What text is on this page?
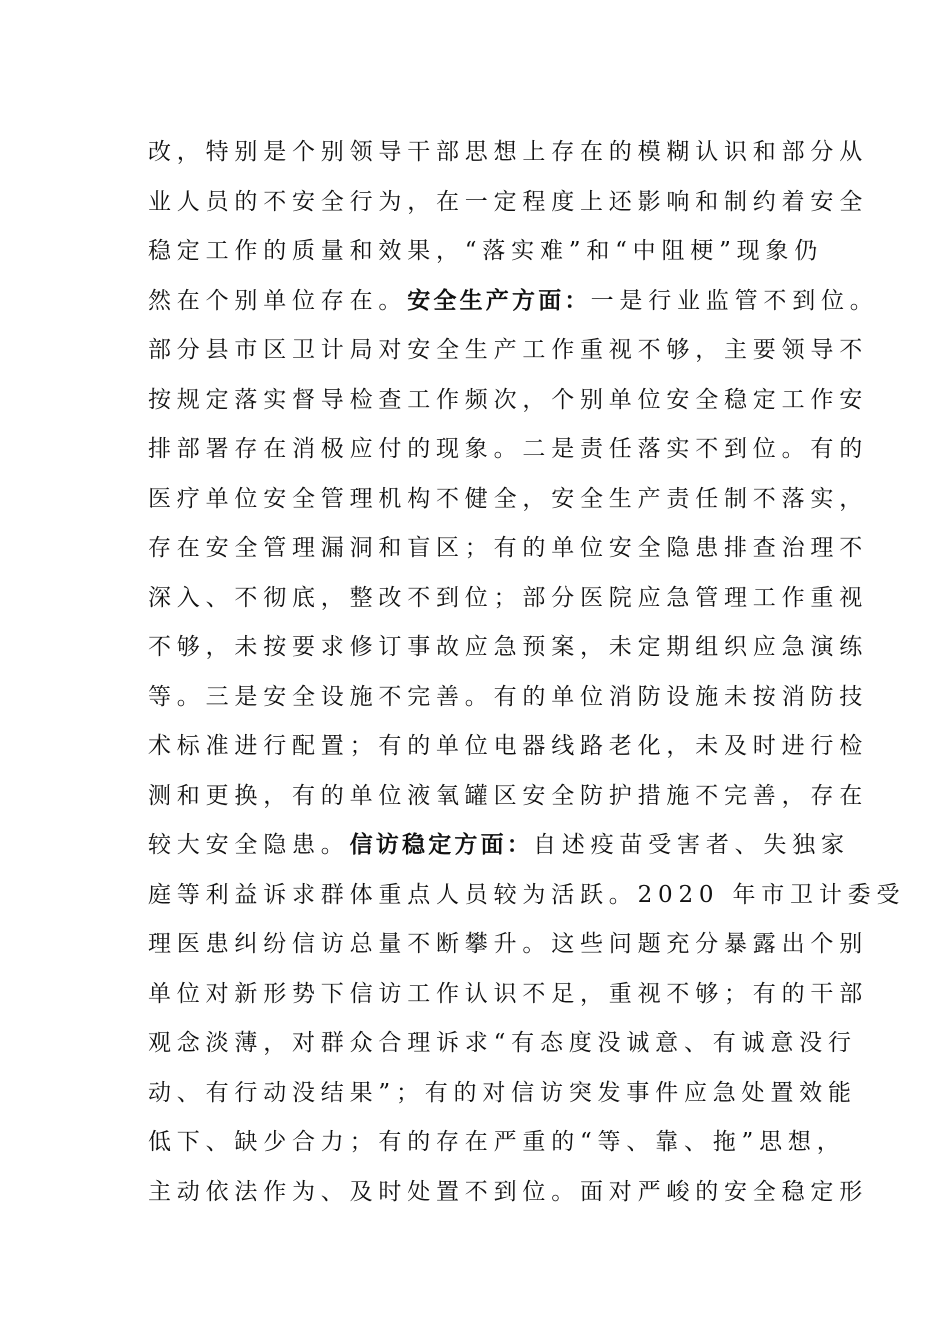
改，特别是个别领导干部思想上存在的模糊认识和部分从
业人员的不安全行为，在一定程度上还影响和制约着安全
稳定工作的质量和效果，“落实难”和“中阻梗”现象仍
然在个别单位存在。安全生产方面：一是行业监管不到位。
部分县市区卫计局对安全生产工作重视不够，主要领导不
按规定落实督导检查工作频次，个别单位安全稳定工作安
排部署存在消极应付的现象。二是责任落实不到位。有的
医疗单位安全管理机构不健全，安全生产责任制不落实，
存在安全管理漏洞和盲区；有的单位安全隐患排查治理不
深入、不彻底，整改不到位；部分医院应急管理工作重视
不够，未按要求修订事故应急预案，未定期组织应急演练
等。三是安全设施不完善。有的单位消防设施未按消防技
术标准进行配置；有的单位电器线路老化，未及时进行检
测和更换，有的单位液氧罐区安全防护措施不完善，存在
较大安全隐患。信访稳定方面：自述疫苗受害者、失独家
庭等利益诉求群体重点人员较为活跃。2020 年市卫计委受
理医患纠纷信访总量不断攀升。这些问题充分暴露出个别
单位对新形势下信访工作认识不足，重视不够；有的干部
观念淡薄，对群众合理诉求“有态度没诚意、有诚意没行
动、有行动没结果”；有的对信访突发事件应急处置效能
低下、缺少合力；有的存在严重的“等、靠、拖”思想，
主动依法作为、及时处置不到位。面对严峻的安全稳定形
